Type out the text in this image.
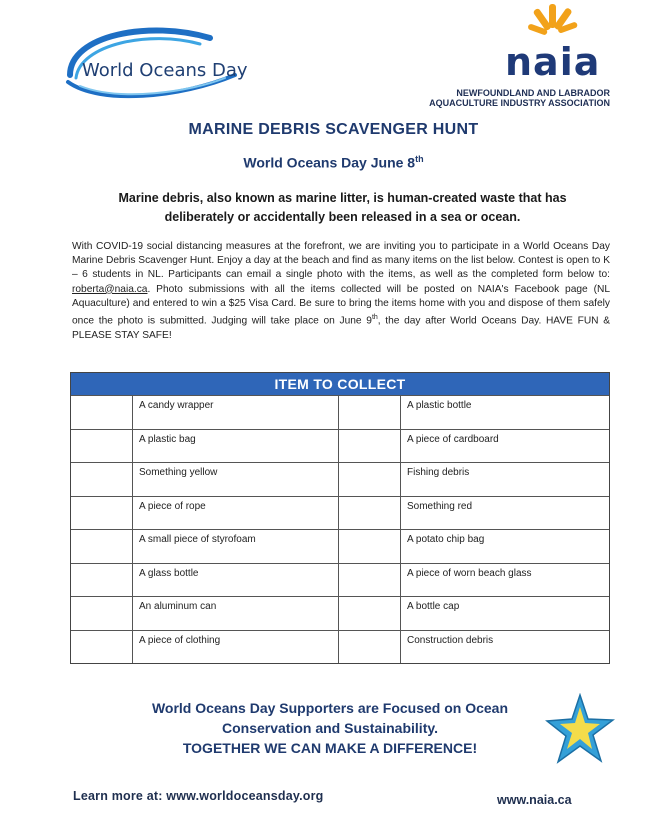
World Oceans Day	naia
NEWFOUNDLAND AND LABRADOR
AQUACULTURE INDUSTRY ASSOCIATION
MARINE DEBRIS SCAVENGER HUNT
World Oceans Day June 8th
Marine debris, also known as marine litter, is human-created waste that has deliberately or accidentally been released in a sea or ocean.
With COVID-19 social distancing measures at the forefront, we are inviting you to participate in a World Oceans Day Marine Debris Scavenger Hunt. Enjoy a day at the beach and find as many items on the list below. Contest is open to K – 6 students in NL. Participants can email a single photo with the items, as well as the completed form below to: roberta@naia.ca. Photo submissions with all the items collected will be posted on NAIA's Facebook page (NL Aquaculture) and entered to win a $25 Visa Card. Be sure to bring the items home with you and dispose of them safely once the photo is submitted. Judging will take place on June 9th, the day after World Oceans Day. HAVE FUN & PLEASE STAY SAFE!
ITEM TO COLLECT
A candy wrapper	A plastic bottle
A plastic bag	A piece of cardboard
Something yellow	Fishing debris
A piece of rope	Something red
A small piece of styrofoam	A potato chip bag
A glass bottle	A piece of worn beach glass
An aluminum can	A bottle cap
A piece of clothing	Construction debris
World Oceans Day Supporters are Focused on Ocean
Conservation and Sustainability.
TOGETHER WE CAN MAKE A DIFFERENCE!
Learn more at: www.worldoceansday.org	www.naia.ca
